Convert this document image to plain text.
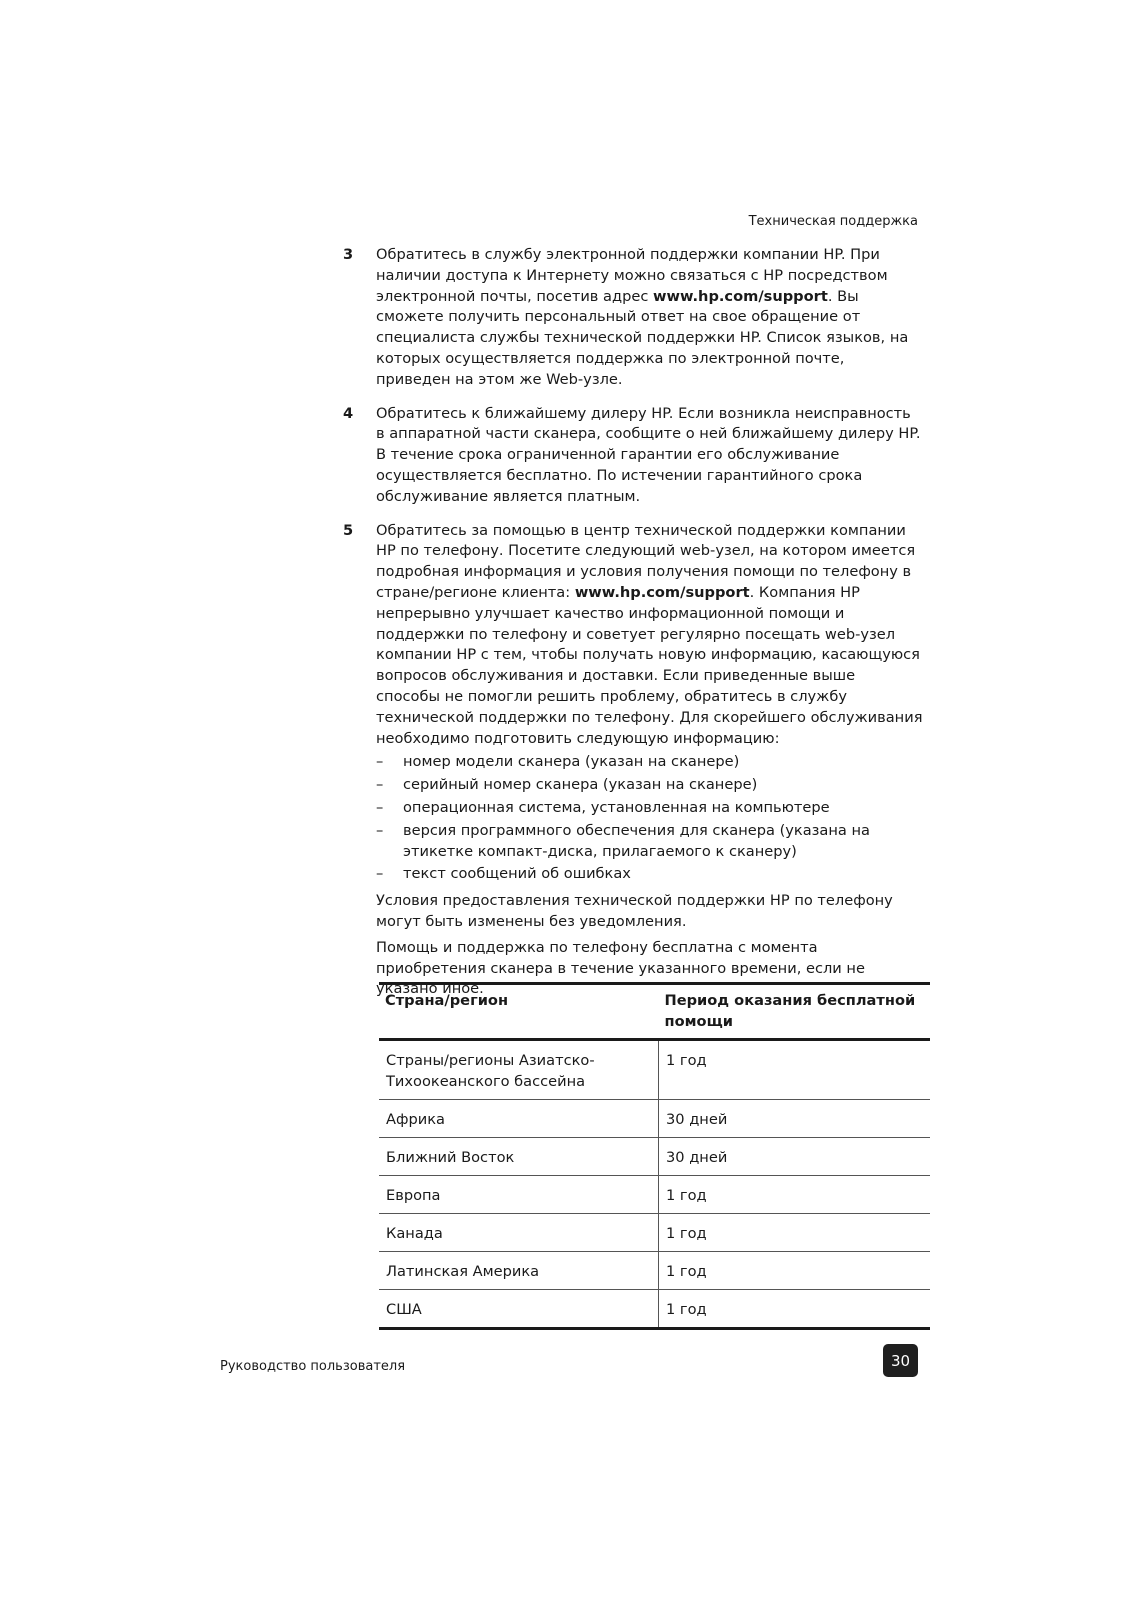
Техническая поддержка
3 Обратитесь в службу электронной поддержки компании HP. При наличии доступа к Интернету можно связаться с HP посредством электронной почты, посетив адрес www.hp.com/support. Вы сможете получить персональный ответ на свое обращение от специалиста службы технической поддержки HP. Список языков, на которых осуществляется поддержка по электронной почте, приведен на этом же Web-узле.

4 Обратитесь к ближайшему дилеру HP. Если возникла неисправность в аппаратной части сканера, сообщите о ней ближайшему дилеру HP. В течение срока ограниченной гарантии его обслуживание осуществляется бесплатно. По истечении гарантийного срока обслуживание является платным.

5 Обратитесь за помощью в центр технической поддержки компании HP по телефону. Посетите следующий web-узел, на котором имеется подробная информация и условия получения помощи по телефону в стране/регионе клиента: www.hp.com/support. Компания HP непрерывно улучшает качество информационной помощи и поддержки по телефону и советует регулярно посещать web-узел компании HP с тем, чтобы получать новую информацию, касающуюся вопросов обслуживания и доставки. Если приведенные выше способы не помогли решить проблему, обратитесь в службу технической поддержки по телефону. Для скорейшего обслуживания необходимо подготовить следующую информацию:

– номер модели сканера (указан на сканере)
– серийный номер сканера (указан на сканере)
– операционная система, установленная на компьютере
– версия программного обеспечения для сканера (указана на этикетке компакт-диска, прилагаемого к сканеру)
– текст сообщений об ошибках

Условия предоставления технической поддержки HP по телефону могут быть изменены без уведомления.

Помощь и поддержка по телефону бесплатна с момента приобретения сканера в течение указанного времени, если не указано иное.

Страна/регион	Период оказания бесплатной помощи
Страны/регионы Азиатско-Тихоокеанского бассейна	1 год
Африка	30 дней
Ближний Восток	30 дней
Европа	1 год
Канада	1 год
Латинская Америка	1 год
США	1 год
Руководство пользователя	30
